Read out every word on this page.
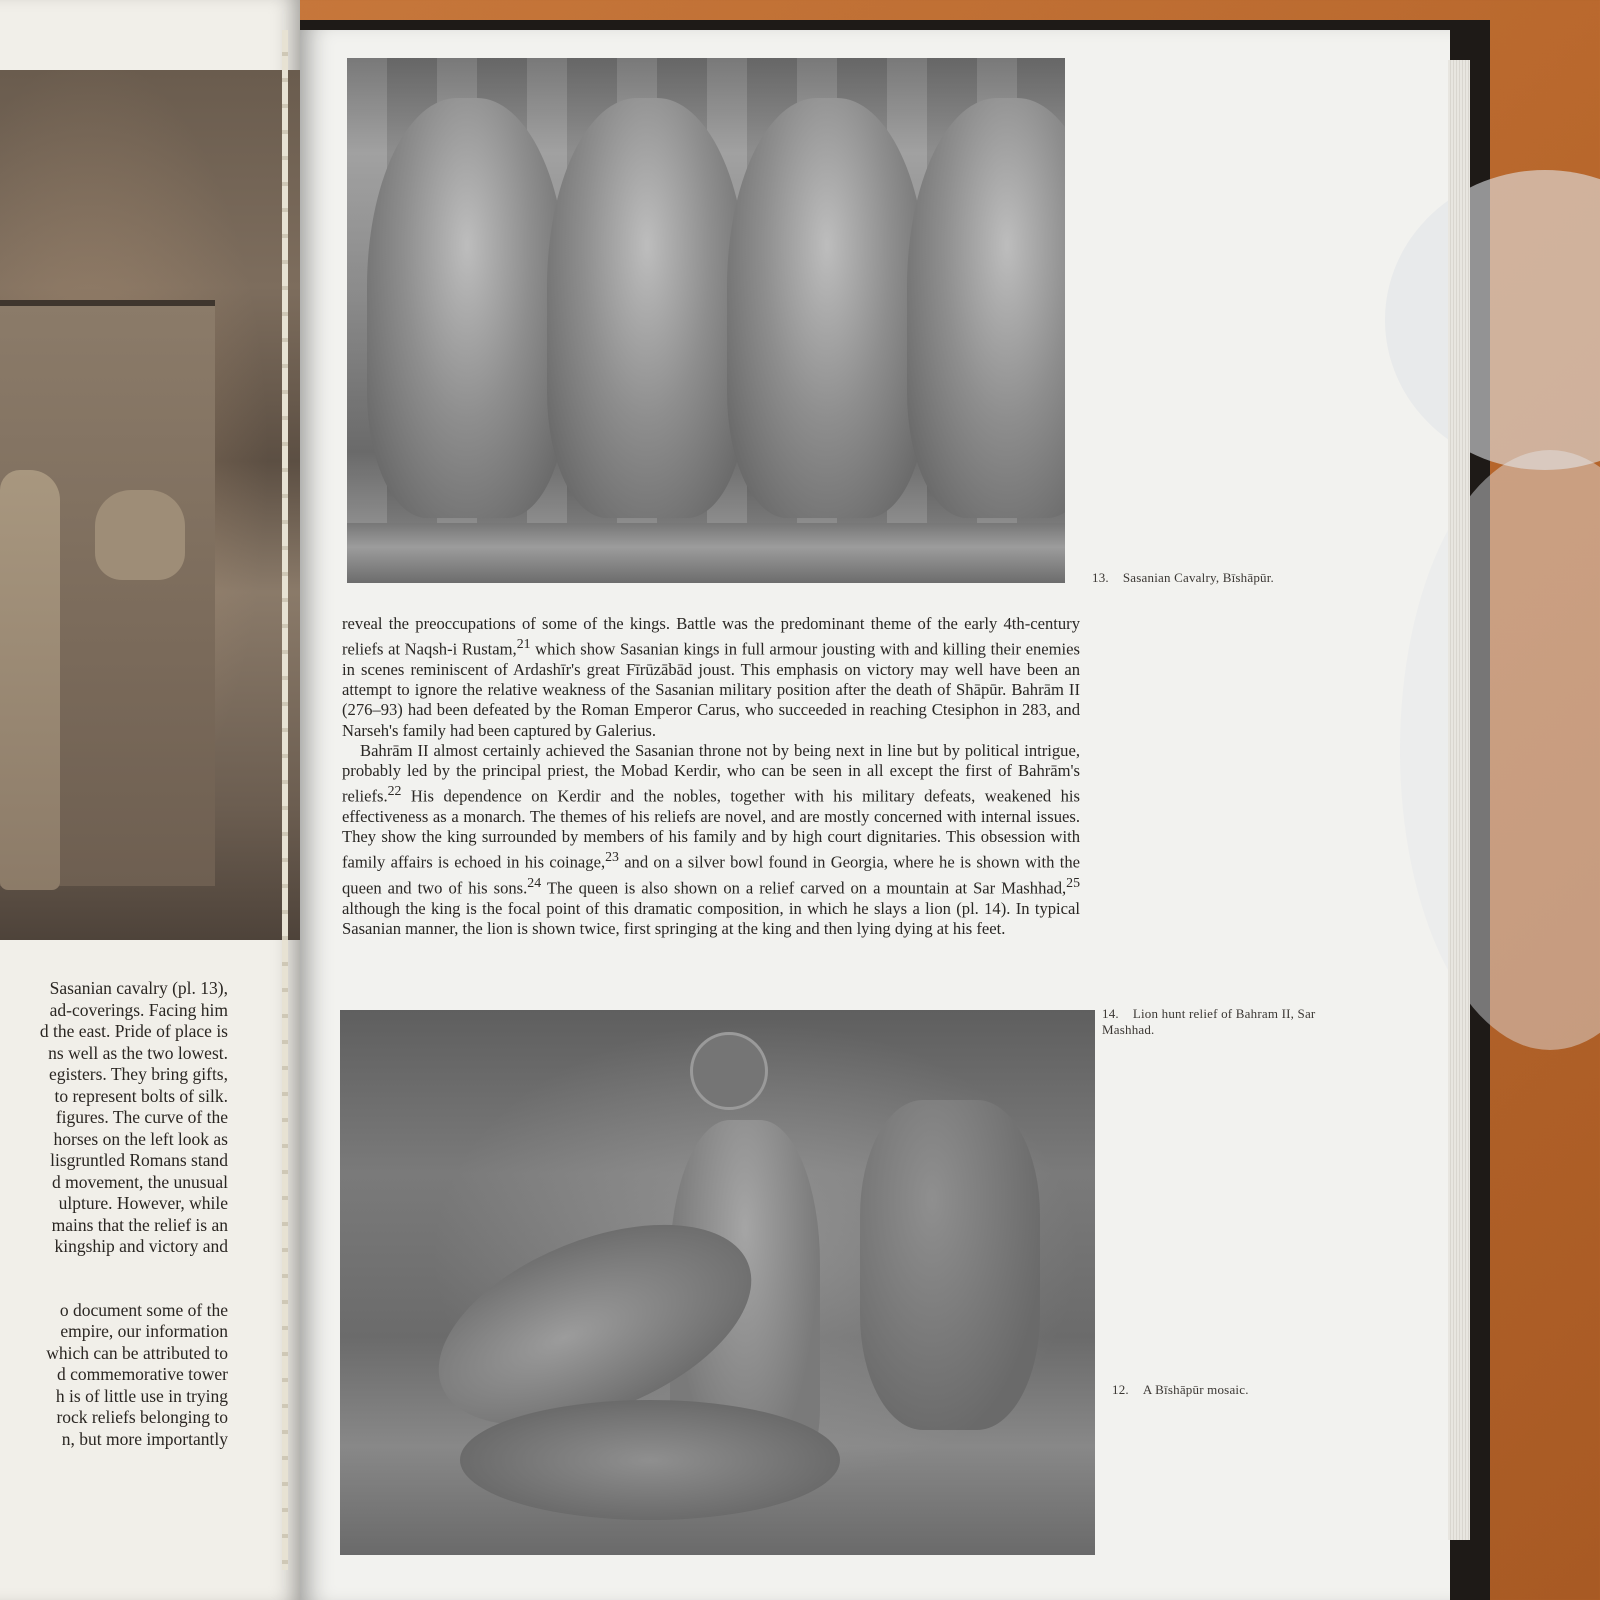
Sasanian cavalry (pl. 13),
ad-coverings. Facing him
d the east. Pride of place is
ns well as the two lowest.
egisters. They bring gifts,
to represent bolts of silk.
figures. The curve of the
horses on the left look as
lisgruntled Romans stand
d movement, the unusual
ulpture. However, while
mains that the relief is an
kingship and victory and
o document some of the
empire, our information
which can be attributed to
d commemorative tower
h is of little use in trying
rock reliefs belonging to
n, but more importantly
13. Sasanian Cavalry, Bīshāpūr.

reveal the preoccupations of some of the kings. Battle was the predominant theme of the early 4th-century reliefs at Naqsh-i Rustam,$^{21}$ which show Sasanian kings in full armour jousting with and killing their enemies in scenes reminiscent of Ardashīr's great Fīrūzābād joust. This emphasis on victory may well have been an attempt to ignore the relative weakness of the Sasanian military position after the death of Shāpūr. Bahrām II (276–93) had been defeated by the Roman Emperor Carus, who succeeded in reaching Ctesiphon in 283, and Narseh's family had been captured by Galerius.

Bahrām II almost certainly achieved the Sasanian throne not by being next in line but by political intrigue, probably led by the principal priest, the Mobad Kerdir, who can be seen in all except the first of Bahrām's reliefs.$^{22}$ His dependence on Kerdir and the nobles, together with his military defeats, weakened his effectiveness as a monarch. The themes of his reliefs are novel, and are mostly concerned with internal issues. They show the king surrounded by members of his family and by high court dignitaries. This obsession with family affairs is echoed in his coinage,$^{23}$ and on a silver bowl found in Georgia, where he is shown with the queen and two of his sons.$^{24}$ The queen is also shown on a relief carved on a mountain at Sar Mashhad,$^{25}$ although the king is the focal point of this dramatic composition, in which he slays a lion (pl. 14). In typical Sasanian manner, the lion is shown twice, first springing at the king and then lying dying at his feet.

14. Lion hunt relief of Bahram II, Sar Mashhad.
12. A Bīshāpūr mosaic.
